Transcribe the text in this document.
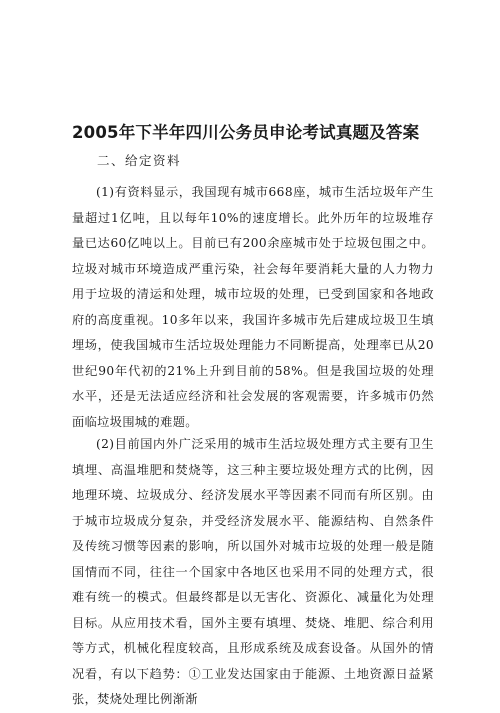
2005年下半年四川公务员申论考试真题及答案
二、给定资料

(1)有资料显示，我国现有城市668座，城市生活垃圾年产生量超过1亿吨，且以每年10%的速度增长。此外历年的垃圾堆存量已达60亿吨以上。目前已有200余座城市处于垃圾包围之中。垃圾对城市环境造成严重污染，社会每年要消耗大量的人力物力用于垃圾的清运和处理，城市垃圾的处理，已受到国家和各地政府的高度重视。10多年以来，我国许多城市先后建成垃圾卫生填埋场，使我国城市生活垃圾处理能力不同断提高，处理率已从20世纪90年代初的21%上升到目前的58%。但是我国垃圾的处理水平，还是无法适应经济和社会发展的客观需要，许多城市仍然面临垃圾围城的难题。

(2)目前国内外广泛采用的城市生活垃圾处理方式主要有卫生填埋、高温堆肥和焚烧等，这三种主要垃圾处理方式的比例，因地理环境、垃圾成分、经济发展水平等因素不同而有所区别。由于城市垃圾成分复杂，并受经济发展水平、能源结构、自然条件及传统习惯等因素的影响，所以国外对城市垃圾的处理一般是随国情而不同，往往一个国家中各地区也采用不同的处理方式，很难有统一的模式。但最终都是以无害化、资源化、减量化为处理目标。从应用技术看，国外主要有填埋、焚烧、堆肥、综合利用等方式，机械化程度较高，且形成系统及成套设备。从国外的情况看，有以下趋势：①工业发达国家由于能源、土地资源日益紧张，焚烧处理比例渐渐
